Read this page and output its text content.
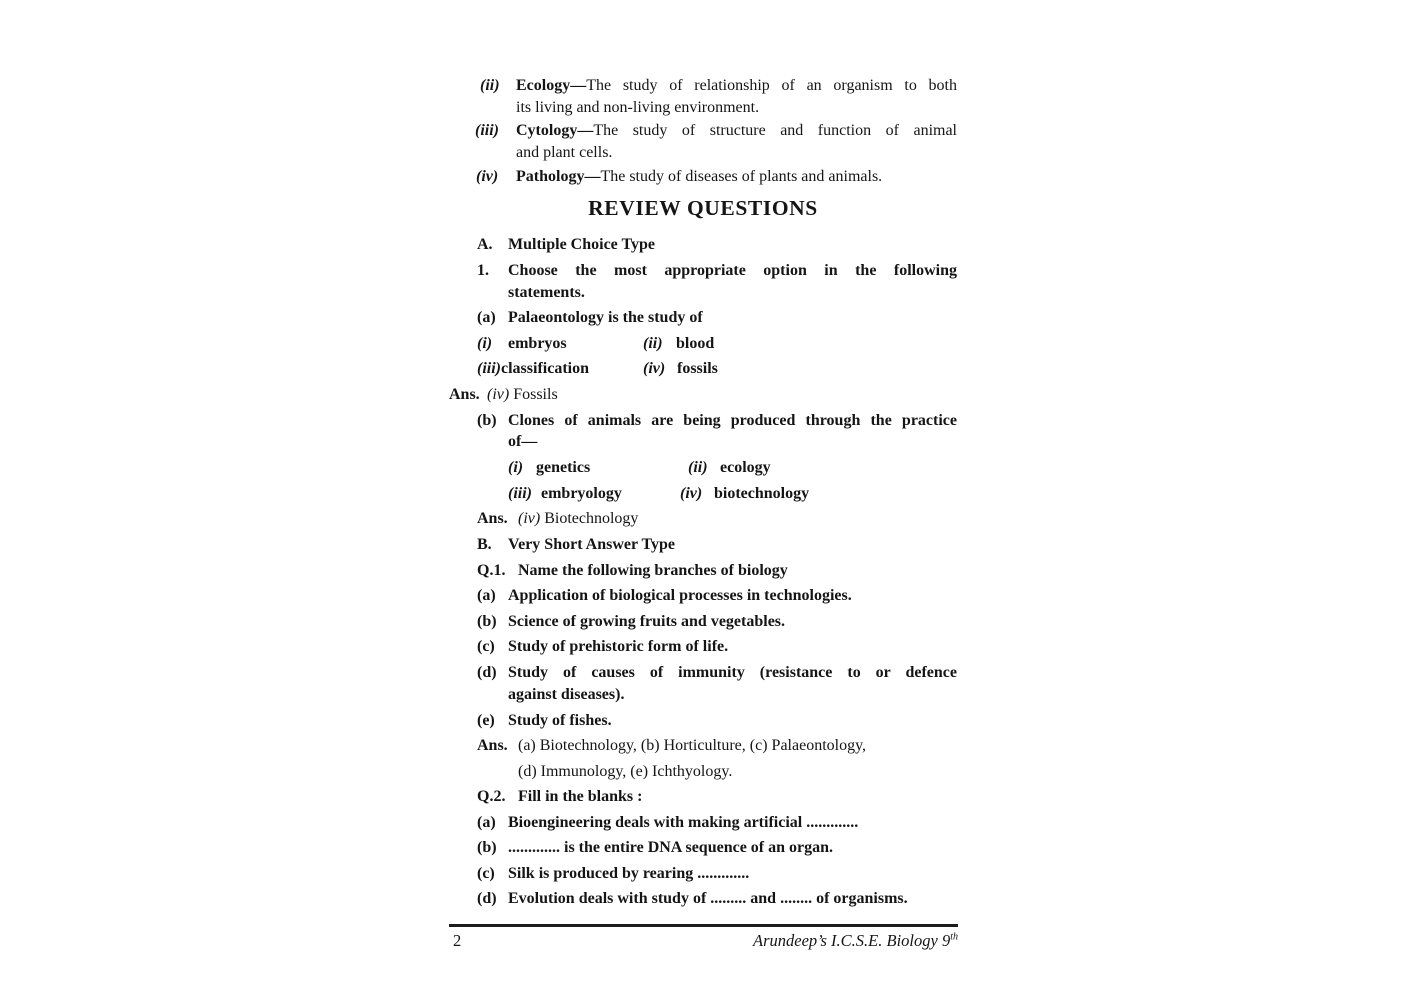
REVIEW QUESTIONS
(ii) Ecology—The study of relationship of an organism to both
its living and non-living environment.
(iii) Cytology—The study of structure and function of animal
and plant cells.
(iv) Pathology—The study of diseases of plants and animals.
A. Multiple Choice Type
1. Choose the most appropriate option in the following
statements.
(a) Palaeontology is the study of
(i) embryos	(ii) blood
(iii)classification	(iv) fossils
Ans. (iv) Fossils
(b) Clones of animals are being produced through the practice
of—
(i) genetics	(ii) ecology
(iii) embryology	(iv) biotechnology
Ans. (iv) Biotechnology
B. Very Short Answer Type
Q.1. Name the following branches of biology
(a) Application of biological processes in technologies.
(b) Science of growing fruits and vegetables.
(c) Study of prehistoric form of life.
(d) Study of causes of immunity (resistance to or defence
against diseases).
(e) Study of fishes.
Ans. (a) Biotechnology, (b) Horticulture, (c) Palaeontology,
(d) Immunology, (e) Ichthyology.
Q.2. Fill in the blanks :
(a) Bioengineering deals with making artificial .............
(b) ............. is the entire DNA sequence of an organ.
(c) Silk is produced by rearing .............
(d) Evolution deals with study of ......... and ........ of organisms.
2	Arundeep’s I.C.S.E. Biology 9th
